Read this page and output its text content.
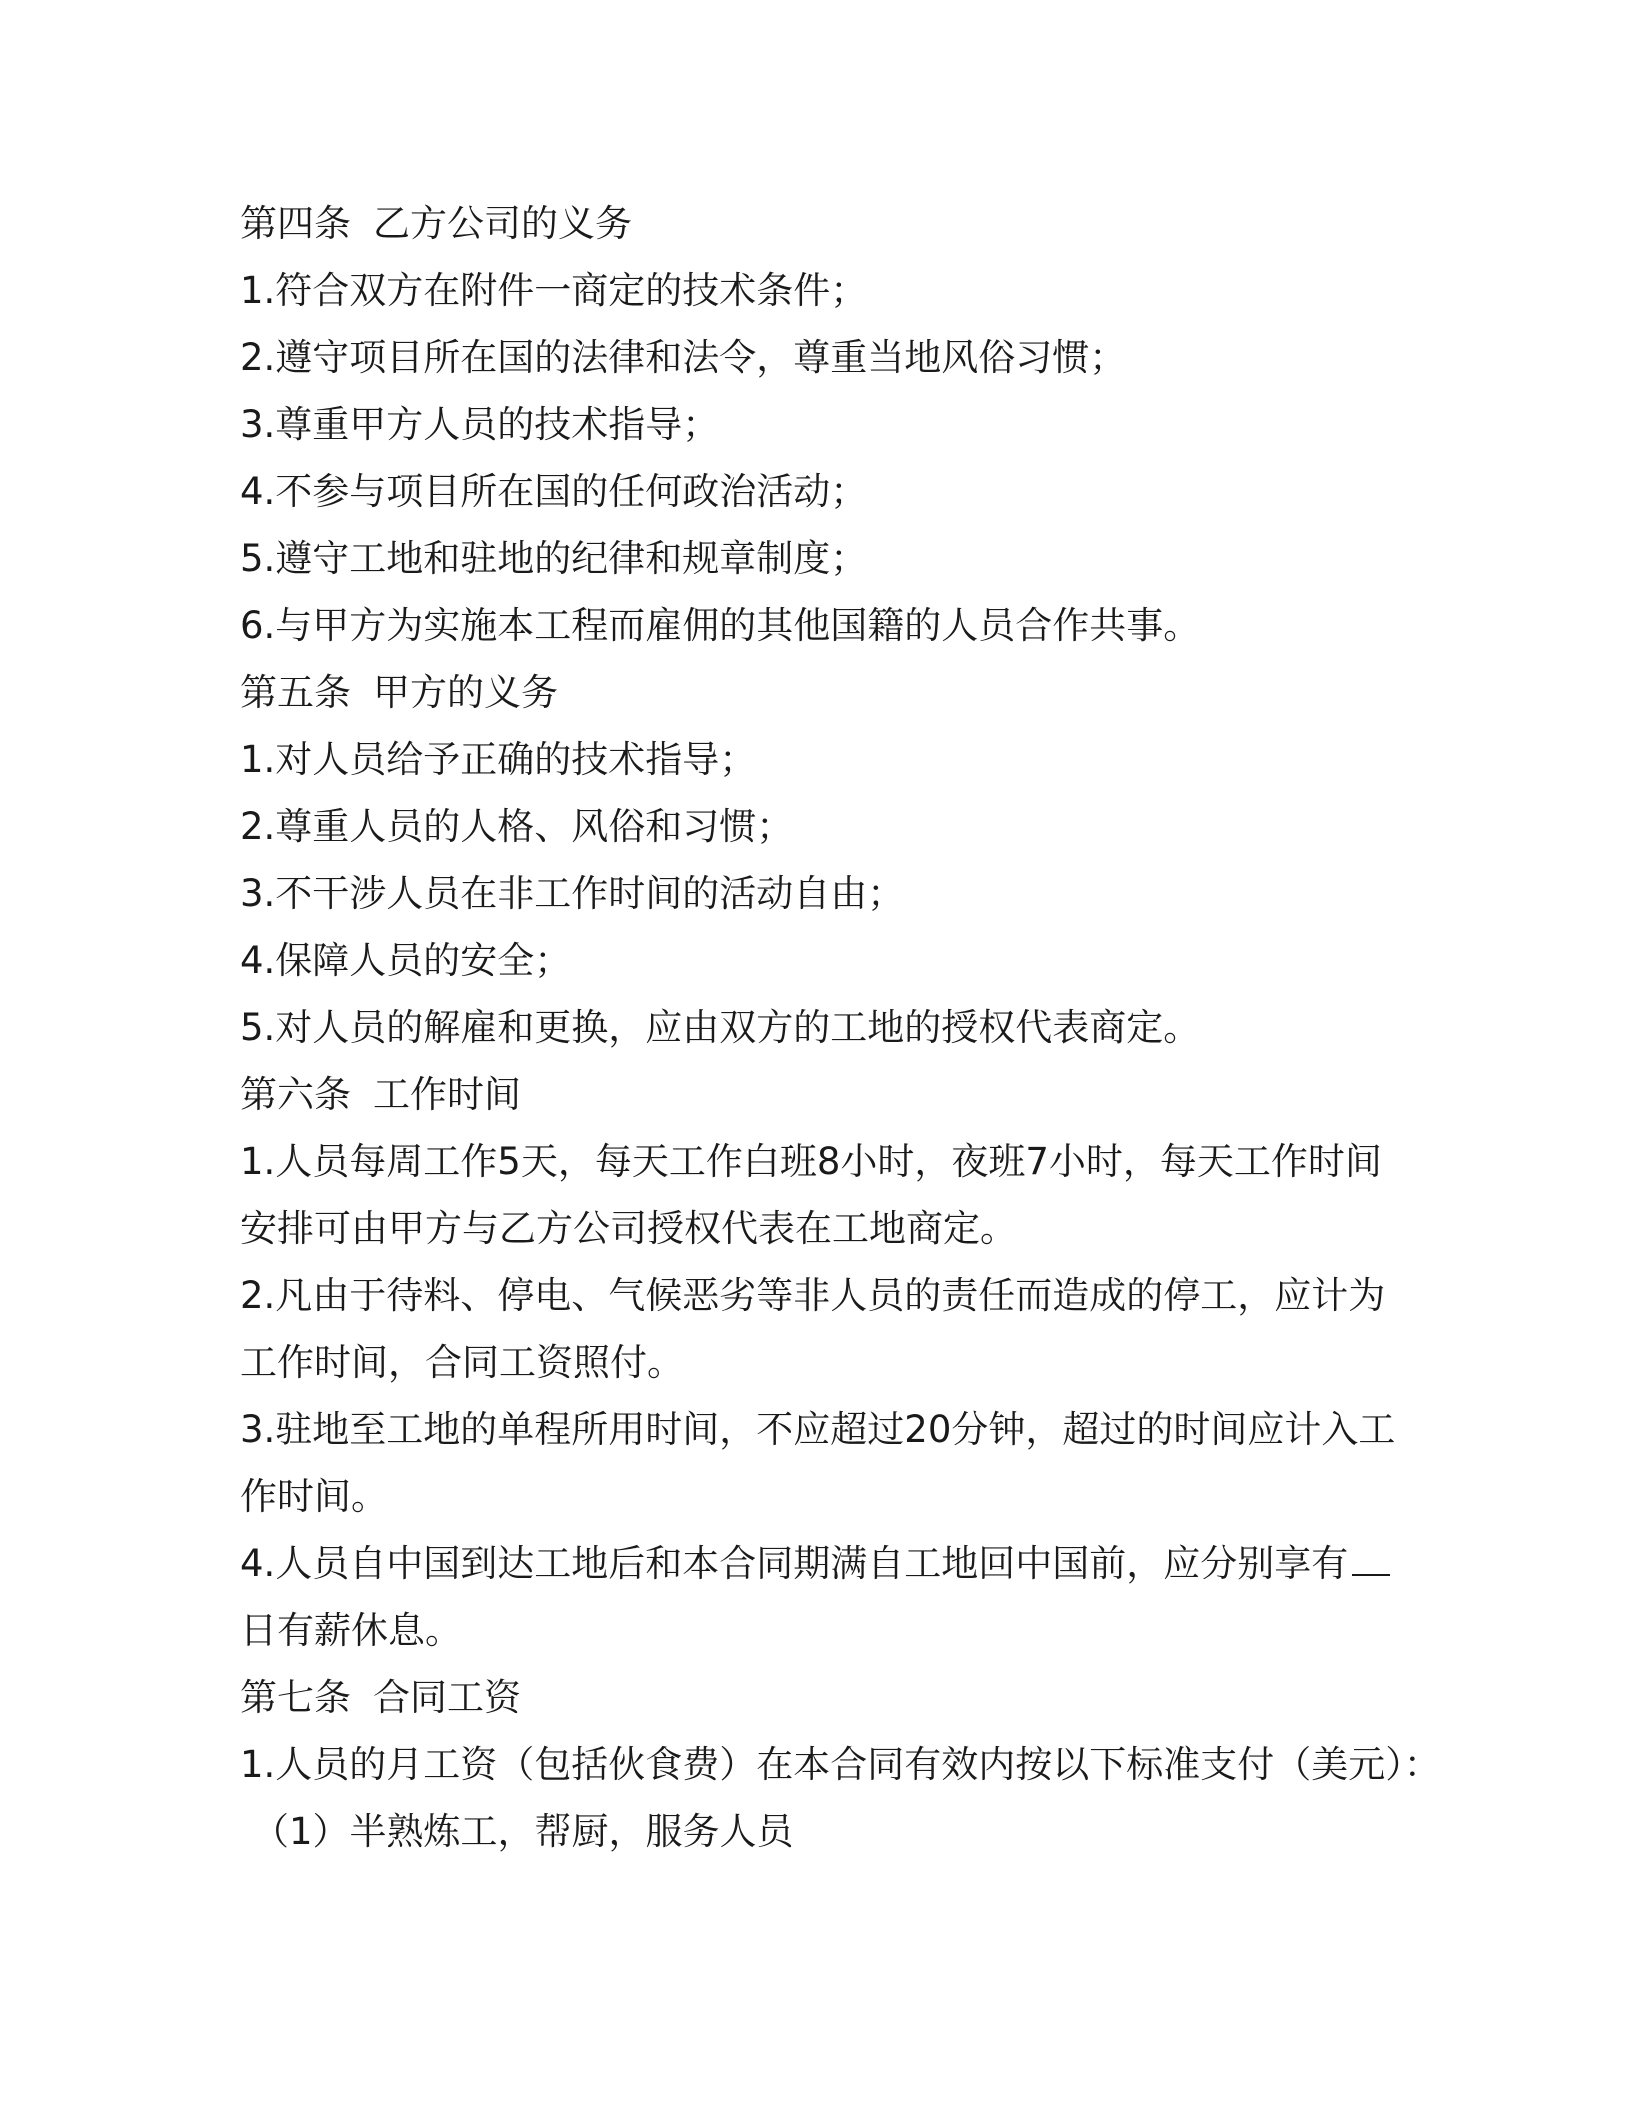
第四条 乙方公司的义务
1.符合双方在附件一商定的技术条件；
2.遵守项目所在国的法律和法令，尊重当地风俗习惯；
3.尊重甲方人员的技术指导；
4.不参与项目所在国的任何政治活动；
5.遵守工地和驻地的纪律和规章制度；
6.与甲方为实施本工程而雇佣的其他国籍的人员合作共事。
第五条 甲方的义务
1.对人员给予正确的技术指导；
2.尊重人员的人格、风俗和习惯；
3.不干涉人员在非工作时间的活动自由；
4.保障人员的安全；
5.对人员的解雇和更换，应由双方的工地的授权代表商定。
第六条 工作时间
1.人员每周工作5天，每天工作白班8小时，夜班7小时，每天工作时间
安排可由甲方与乙方公司授权代表在工地商定。
2.凡由于待料、停电、气候恶劣等非人员的责任而造成的停工，应计为
工作时间，合同工资照付。
3.驻地至工地的单程所用时间，不应超过20分钟，超过的时间应计入工
作时间。
4.人员自中国到达工地后和本合同期满自工地回中国前，应分别享有
日有薪休息。
第七条 合同工资
1.人员的月工资（包括伙食费）在本合同有效内按以下标准支付（美元）：
（1）半熟炼工，帮厨，服务人员
